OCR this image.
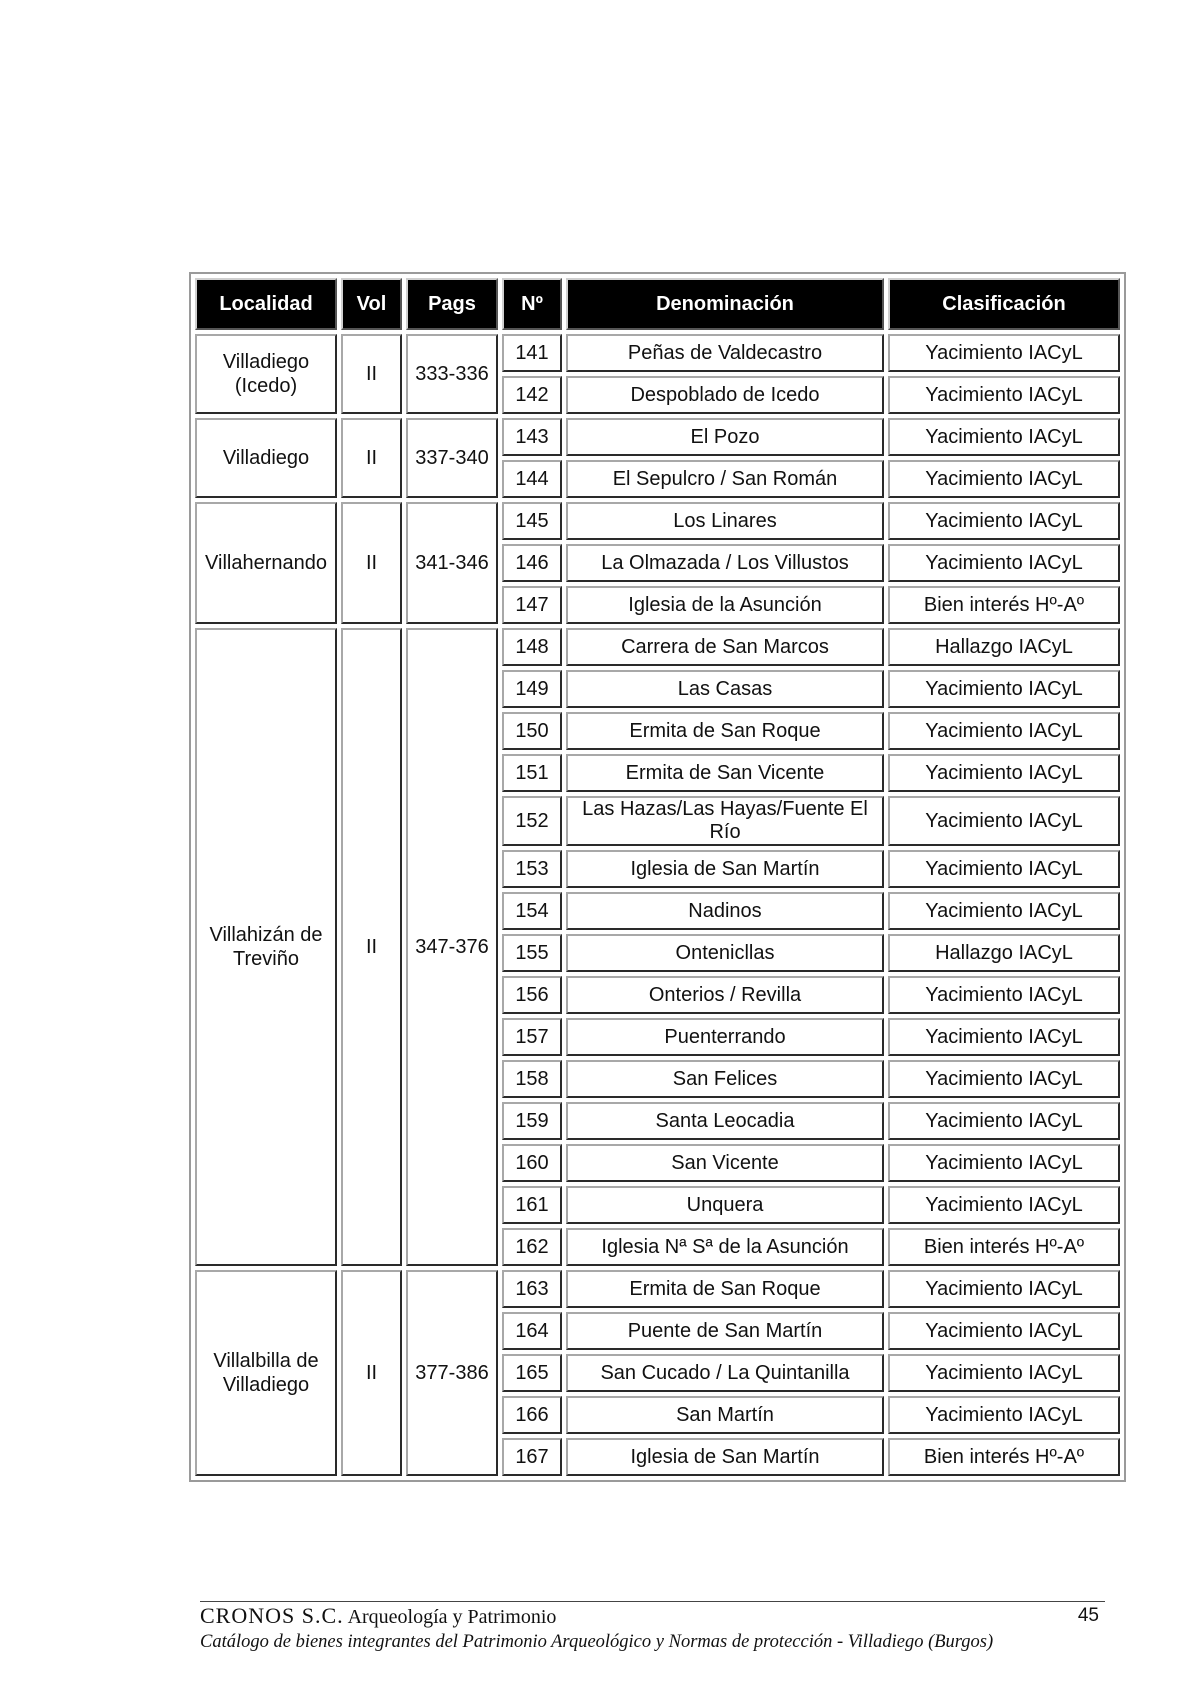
Localidad	Vol	Pags	Nº	Denominación	Clasificación
Villadiego
(Icedo)	II	333-336	141	Peñas de Valdecastro	Yacimiento IACyL
			142	Despoblado de Icedo	Yacimiento IACyL
Villadiego	II	337-340	143	El Pozo	Yacimiento IACyL
			144	El Sepulcro / San Román	Yacimiento IACyL
Villahernando	II	341-346	145	Los Linares	Yacimiento IACyL
			146	La Olmazada / Los Villustos	Yacimiento IACyL
			147	Iglesia de la Asunción	Bien interés Hº-Aº
Villahizán de
Treviño	II	347-376	148	Carrera de San Marcos	Hallazgo IACyL
			149	Las Casas	Yacimiento IACyL
			150	Ermita de San Roque	Yacimiento IACyL
			151	Ermita de San Vicente	Yacimiento IACyL
			152	Las Hazas/Las Hayas/Fuente El Río	Yacimiento IACyL
			153	Iglesia de San Martín	Yacimiento IACyL
			154	Nadinos	Yacimiento IACyL
			155	Ontenicllas	Hallazgo IACyL
			156	Onterios / Revilla	Yacimiento IACyL
			157	Puenterrando	Yacimiento IACyL
			158	San Felices	Yacimiento IACyL
			159	Santa Leocadia	Yacimiento IACyL
			160	San Vicente	Yacimiento IACyL
			161	Unquera	Yacimiento IACyL
			162	Iglesia Nª Sª de la Asunción	Bien interés Hº-Aº
Villalbilla de
Villadiego	II	377-386	163	Ermita de San Roque	Yacimiento IACyL
			164	Puente de San Martín	Yacimiento IACyL
			165	San Cucado / La Quintanilla	Yacimiento IACyL
			166	San Martín	Yacimiento IACyL
			167	Iglesia de San Martín	Bien interés Hº-Aº
CRONOS S.C. Arqueología y Patrimonio	45
Catálogo de bienes integrantes del Patrimonio Arqueológico y Normas de protección - Villadiego (Burgos)
